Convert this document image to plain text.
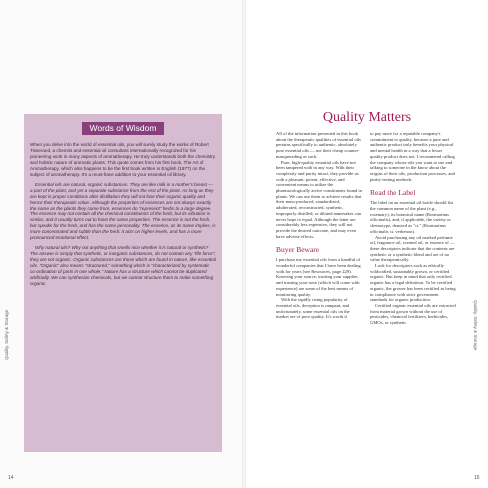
Quality, Safety & Storage
Words of Wisdom

When you delve into the world of essential oils, you will surely study the works of Robert Tisserand, a chemist and essential oil consultant internationally recognized for his pioneering work in many aspects of aromatherapy. He truly understands both the chemistry and holistic nature of aromatic plants. This quote comes from his first book, The Art of Aromatherapy, which also happens to be the first book written in English (1977) on the subject of aromatherapy. It's a must-have addition to your essential oil library.

Essential oils are natural, organic substances. They are like milk in a mother's breast — a part of the plant, and yet a separate substance from the rest of the plant. As long as they are kept in proper conditions after distillation they will not lose their organic quality and hence their therapeutic value. Although the properties of essences are not always exactly the same as the plants they come from, essences do "represent" herbs to a large degree. The essence may not contain all the chemical constituents of the herb, but its vibration is similar, and it usually turns out to have the same properties. The essence is not the herb, but speaks for the herb, and has the same personality. The essence, as its name implies, is more concentrated and subtle than the herb: it acts on higher levels, and has a more pronounced emotional effect.

Why natural oils? Why not anything that smells nice whether it is natural or synthetic? The answer is simply that synthetic, or inorganic substances, do not contain any "life force"; they are not organic. Organic substances are those which are found in nature, like essential oils. "Organic" also means "structured," something which is "characterized by systematic co-ordination of parts in one whole." Nature has a structure which cannot be duplicated artificially. We can synthesize chemicals, but we cannot structure them to make something organic.

14
Quality Matters

All of the information presented in this book about the therapeutic qualities of essential oils pertains specifically to authentic, absolutely pure essential oils — not their cheap counter-masquerading as such.

Pure, high-quality essential oils have not been tampered with in any way. With their complexity and purity intact, they provide us with a pleasant, potent, effective, and convenient means to utilize the pharmacologically active constituents found in plants. We can use them to achieve results that their mass-produced, standardized, adulterated, reconstructed, synthetic, improperly distilled, or diluted namesakes can never hope to equal. Although the latter are considerably less expensive, they will not provide the desired outcome, and may even have adverse effects.

Buyer Beware

I purchase my essential oils from a handful of wonderful companies that I have been dealing with for years (see Resources, page 229). Knowing your source, trusting your supplier, and trusting your nose (which will come with experience) are some of the best means of monitoring quality.

With the rapidly rising popularity of essential oils, deception is rampant, and unfortunately, some essential oils on the market are of poor quality. It's worth it

to pay more for a reputable company's commitment to quality, because a pure and authentic product truly benefits your physical and mental health in a way that a lesser quality product does not. I recommend calling the company whose oils you want to use and talking to someone in the know about the origins of their oils, production processes, and purity-testing methods.

Read the Label

The label on an essential oil bottle should list the common name of the plant (e.g., rosemary), its botanical name (Rosmarinus officinalis), and, if applicable, the variety or chemotype, denoted as "ct." (Rosmarinus officinalis ct. verbenon).

Avoid purchasing any oil marked perfume oil, fragrance oil, scented oil, or essence of — these descriptors indicate that the contents are synthetic or a synthetic blend and are of no value therapeutically.

Look for descriptors such as ethically wildcrafted, sustainably grown, or certified organic. But keep in mind that only certified organic has a legal definition. To be certified organic, the grower has been certified as being in compliance with strict government standards for organic production.

Certified organic essential oils are extracted from material grown without the use of pesticides, chemical fertilizers, herbicides, GMOs, or synthetic	Quality, Safety & Storage
15
